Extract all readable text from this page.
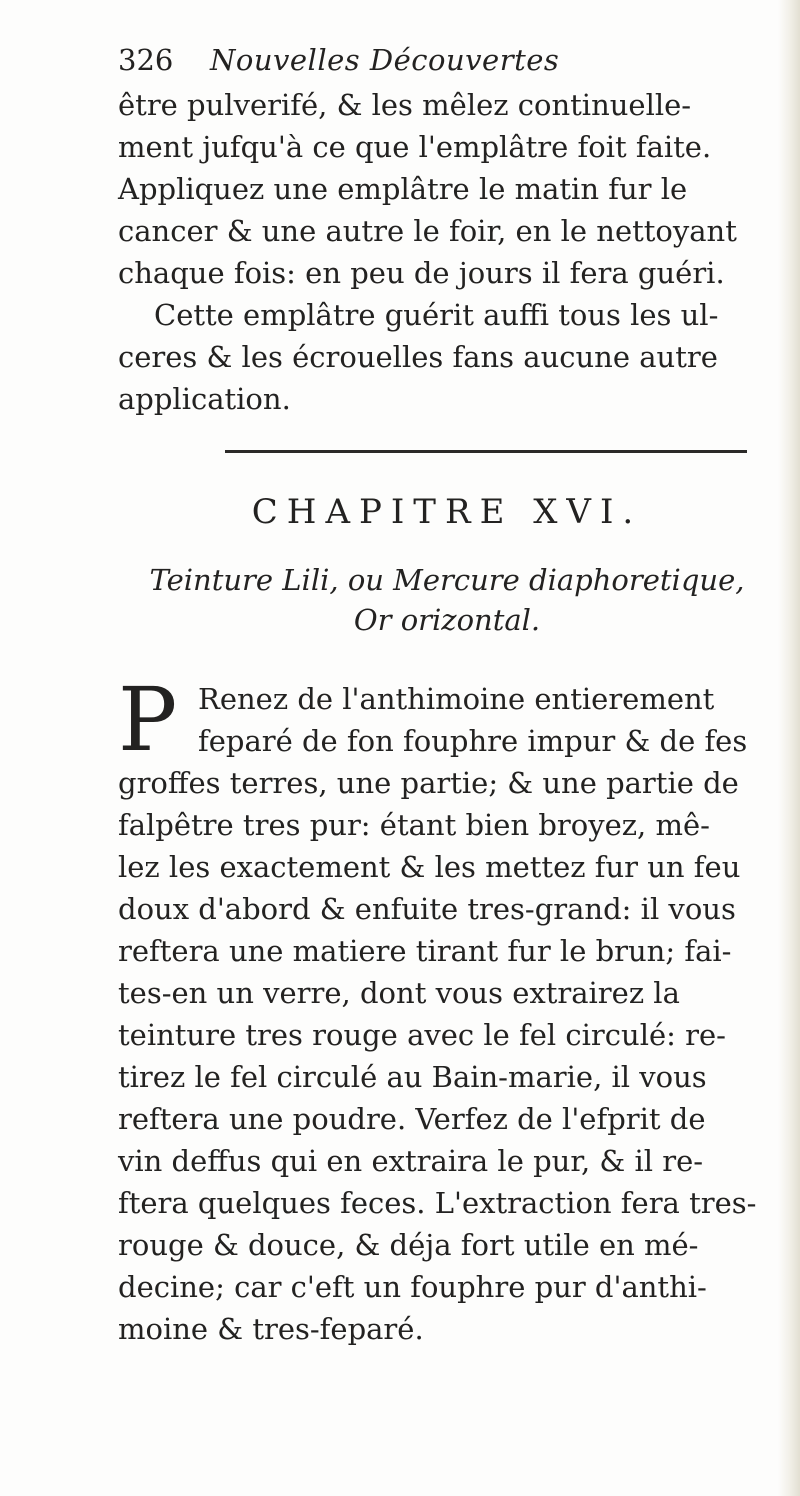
326 Nouvelles Découvertes
être pulverifé, & les mêlez continuelle-
ment jufqu'à ce que l'emplâtre foit faite.
Appliquez une emplâtre le matin fur le
cancer & une autre le foir, en le nettoyant
chaque fois: en peu de jours il fera guéri.
Cette emplâtre guérit auffi tous les ul-
ceres & les écrouelles fans aucune autre
application.
CHAPITRE XVI.
Teinture Lili, ou Mercure diaphoretique,
Or orizontal.
P Renez de l'anthimoine entierement
feparé de fon fouphre impur & de fes
groffes terres, une partie; & une partie de
falpêtre tres pur: étant bien broyez, mê-
lez les exactement & les mettez fur un feu
doux d'abord & enfuite tres-grand: il vous
reftera une matiere tirant fur le brun; fai-
tes-en un verre, dont vous extrairez la
teinture tres rouge avec le fel circulé: re-
tirez le fel circulé au Bain-marie, il vous
reftera une poudre. Verfez de l'efprit de
vin deffus qui en extraira le pur, & il re-
ftera quelques feces. L'extraction fera tres-
rouge & douce, & déja fort utile en mé-
decine; car c'eft un fouphre pur d'anthi-
moine & tres-feparé.
